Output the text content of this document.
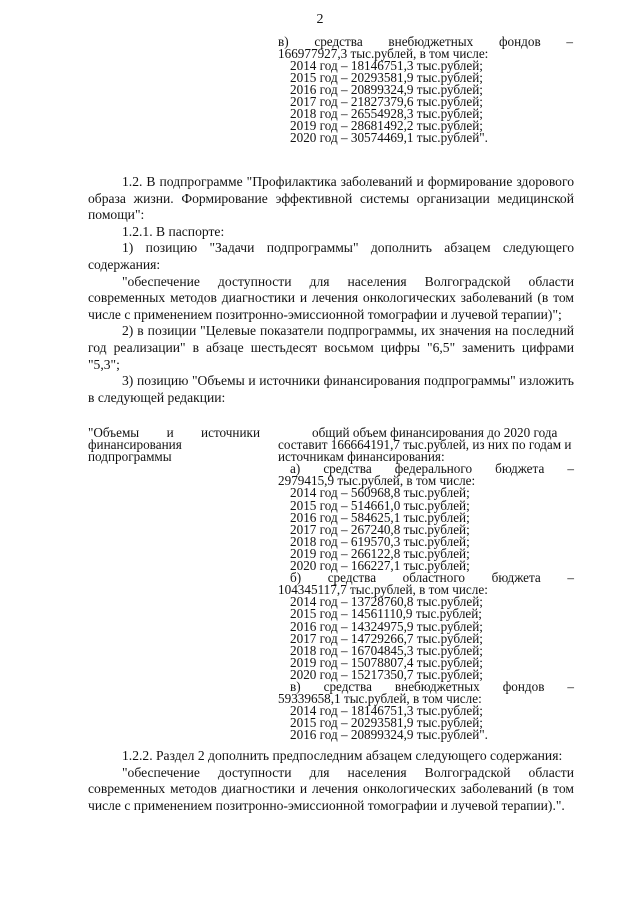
2
в) средства внебюджетных фондов –
166977927,3 тыс.рублей, в том числе:
2014 год – 18146751,3 тыс.рублей;
2015 год – 20293581,9 тыс.рублей;
2016 год – 20899324,9 тыс.рублей;
2017 год – 21827379,6 тыс.рублей;
2018 год – 26554928,3 тыс.рублей;
2019 год – 28681492,2 тыс.рублей;
2020 год – 30574469,1 тыс.рублей".

1.2. В подпрограмме "Профилактика заболеваний и формирование здорового образа жизни. Формирование эффективной системы организации медицинской помощи":

1.2.1. В паспорте:

1) позицию "Задачи подпрограммы" дополнить абзацем следующего содержания:

"обеспечение доступности для населения Волгоградской области современных методов диагностики и лечения онкологических заболеваний (в том числе с применением позитронно-эмиссионной томографии и лучевой терапии)";

2) в позиции "Целевые показатели подпрограммы, их значения на последний год реализации" в абзаце шестьдесят восьмом цифры "6,5" заменить цифрами "5,3";

3) позицию "Объемы и источники финансирования подпрограммы" изложить в следующей редакции:

"Объемы и источники финансирования подпрограммы

общий объем финансирования до 2020 года составит 166664191,7 тыс.рублей, из них по годам и источникам финансирования:

а) средства федерального бюджета –
2979415,9 тыс.рублей, в том числе:
2014 год – 560968,8 тыс.рублей;
2015 год – 514661,0 тыс.рублей;
2016 год – 584625,1 тыс.рублей;
2017 год – 267240,8 тыс.рублей;
2018 год – 619570,3 тыс.рублей;
2019 год – 266122,8 тыс.рублей;
2020 год – 166227,1 тыс.рублей;
б) средства областного бюджета –
104345117,7 тыс.рублей, в том числе:
2014 год – 13728760,8 тыс.рублей;
2015 год – 14561110,9 тыс.рублей;
2016 год – 14324975,9 тыс.рублей;
2017 год – 14729266,7 тыс.рублей;
2018 год – 16704845,3 тыс.рублей;
2019 год – 15078807,4 тыс.рублей;
2020 год – 15217350,7 тыс.рублей;
в) средства внебюджетных фондов –
59339658,1 тыс.рублей, в том числе:
2014 год – 18146751,3 тыс.рублей;
2015 год – 20293581,9 тыс.рублей;
2016 год – 20899324,9 тыс.рублей".

1.2.2. Раздел 2 дополнить предпоследним абзацем следующего содержания:

"обеспечение доступности для населения Волгоградской области современных методов диагностики и лечения онкологических заболеваний (в том числе с применением позитронно-эмиссионной томографии и лучевой терапии).".
